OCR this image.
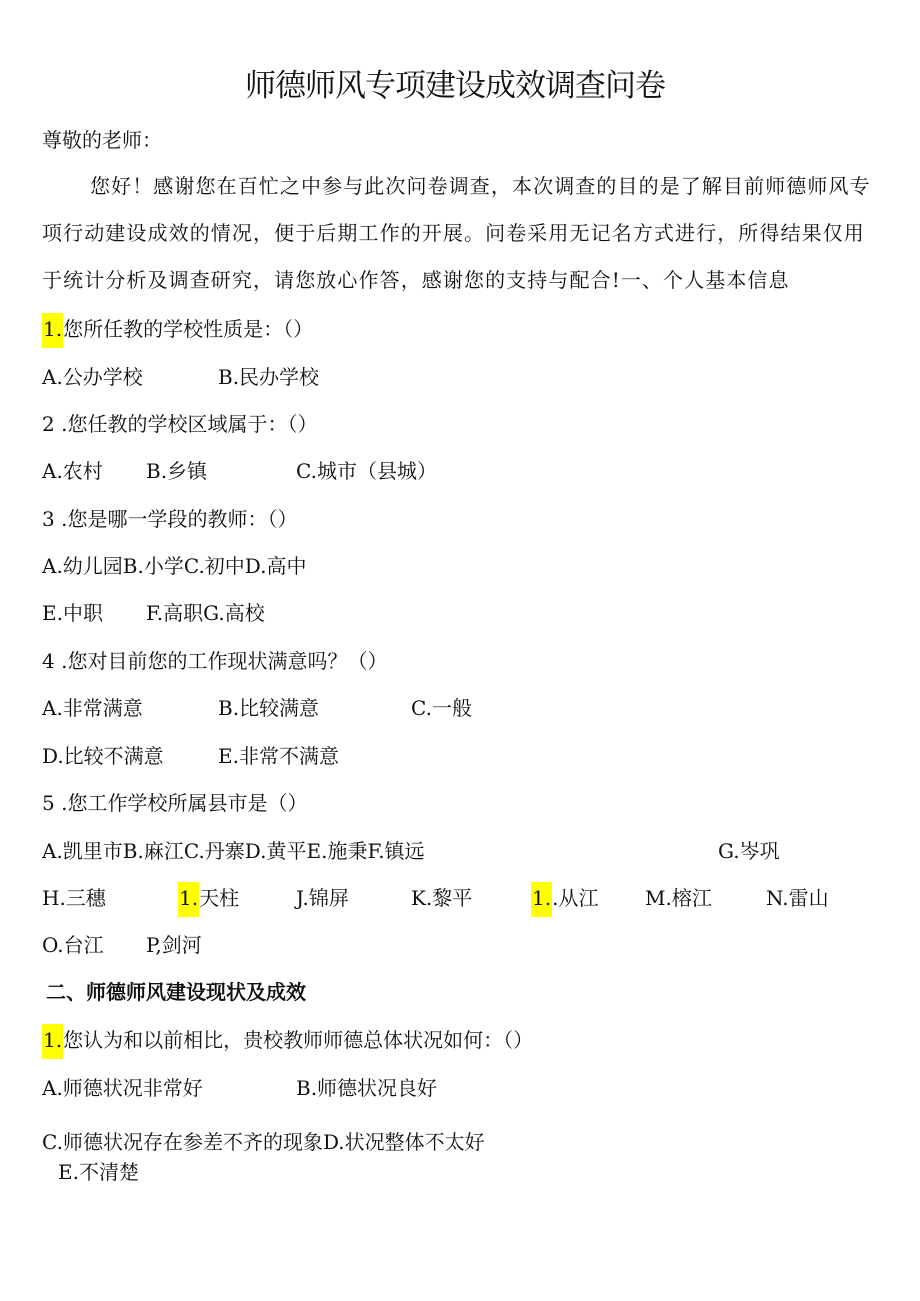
师德师风专项建设成效调查问卷
尊敬的老师：
您好！感谢您在百忙之中参与此次问卷调查，本次调查的目的是了解目前师德师风专项行动建设成效的情况，便于后期工作的开展。问卷采用无记名方式进行，所得结果仅用于统计分析及调查研究，请您放心作答，感谢您的支持与配合!一、个人基本信息
1.您所任教的学校性质是：（）
A.公办学校	B.民办学校
2 .您任教的学校区域属于：（）
A.农村 B.乡镇	C.城市（县城）
3 .您是哪一学段的教师：（）
A.幼儿园B.小学C.初中D.高中
E.中职 F.高职G.高校
4 .您对目前您的工作现状满意吗？（）
A.非常满意	B.比较满意	C.一般
D.比较不满意	E.非常不满意
5 .您工作学校所属县市是（）
A.凯里市B.麻江C.丹寨D.黄平E.施秉F.镇远	G.岑巩
H.三穗	1.天柱	J.锦屏	K.黎平	1..从江 M.榕江	N.雷山
O.台江 P,剑河
二、师德师风建设现状及成效
1.您认为和以前相比，贵校教师师德总体状况如何：（）
A.师德状况非常好	B.师德状况良好
C.师德状况存在参差不齐的现象D.状况整体不太好
E.不清楚
